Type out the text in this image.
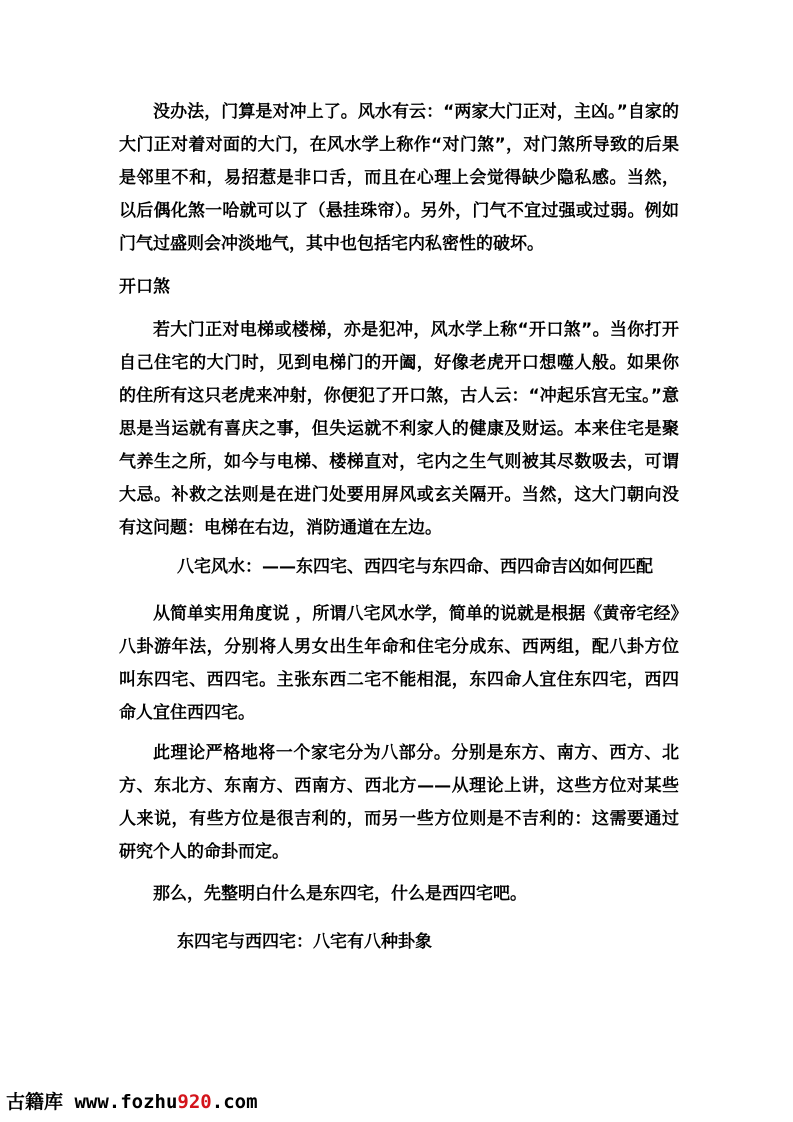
没办法，门算是对冲上了。风水有云：“两家大门正对，主凶。”自家的大门正对着对面的大门，在风水学上称作“对门煞”，对门煞所导致的后果是邻里不和，易招惹是非口舌，而且在心理上会觉得缺少隐私感。当然，以后偶化煞一哈就可以了（悬挂珠帘）。另外，门气不宜过强或过弱。例如门气过盛则会冲淡地气，其中也包括宅内私密性的破坏。

开口煞

若大门正对电梯或楼梯，亦是犯冲，风水学上称“开口煞”。当你打开自己住宅的大门时，见到电梯门的开阖，好像老虎开口想噬人般。如果你的住所有这只老虎来冲射，你便犯了开口煞，古人云：“冲起乐宫无宝。”意思是当运就有喜庆之事，但失运就不利家人的健康及财运。本来住宅是聚气养生之所，如今与电梯、楼梯直对，宅内之生气则被其尽数吸去，可谓大忌。补救之法则是在进门处要用屏风或玄关隔开。当然，这大门朝向没有这问题：电梯在右边，消防通道在左边。

八宅风水：——东四宅、西四宅与东四命、西四命吉凶如何匹配

从简单实用角度说 ，所谓八宅风水学，简单的说就是根据《黄帝宅经》八卦游年法，分别将人男女出生年命和住宅分成东、西两组，配八卦方位叫东四宅、西四宅。主张东西二宅不能相混，东四命人宜住东四宅，西四命人宜住西四宅。

此理论严格地将一个家宅分为八部分。分别是东方、南方、西方、北方、东北方、东南方、西南方、西北方——从理论上讲，这些方位对某些人来说，有些方位是很吉利的，而另一些方位则是不吉利的：这需要通过研究个人的命卦而定。

那么，先整明白什么是东四宅，什么是西四宅吧。

东四宅与西四宅：八宅有八种卦象

古籍库 www.fozhu920.com
